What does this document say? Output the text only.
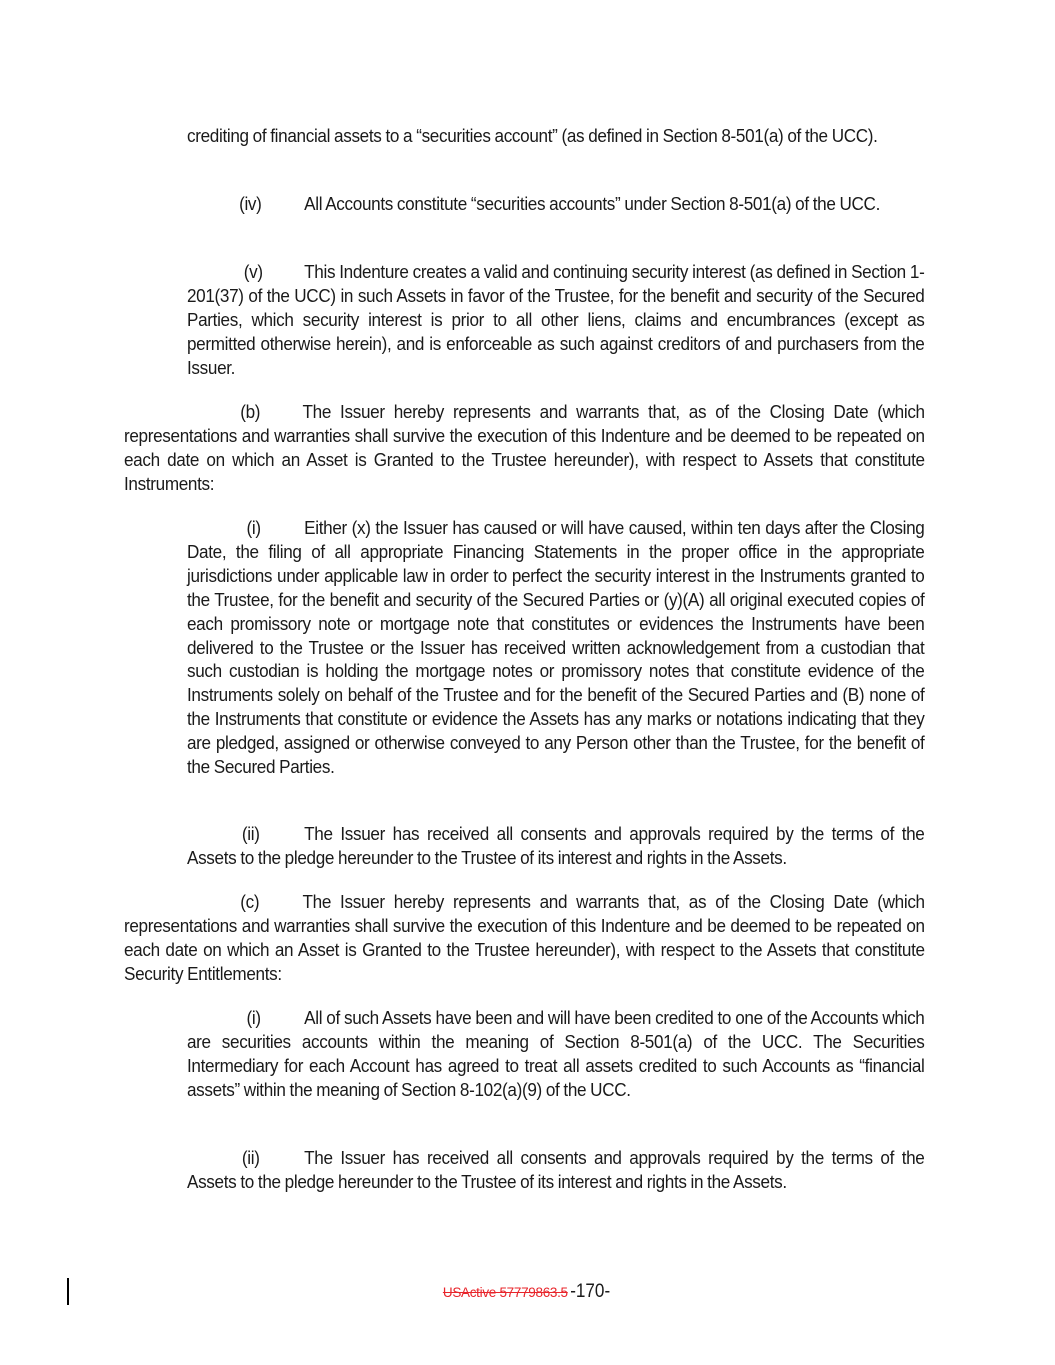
crediting of financial assets to a “securities account” (as defined in Section 8-501(a) of the UCC).
(iv) All Accounts constitute “securities accounts” under Section 8-501(a) of the UCC.
(v) This Indenture creates a valid and continuing security interest (as defined in Section 1-201(37) of the UCC) in such Assets in favor of the Trustee, for the benefit and security of the Secured Parties, which security interest is prior to all other liens, claims and encumbrances (except as permitted otherwise herein), and is enforceable as such against creditors of and purchasers from the Issuer.
(b) The Issuer hereby represents and warrants that, as of the Closing Date (which representations and warranties shall survive the execution of this Indenture and be deemed to be repeated on each date on which an Asset is Granted to the Trustee hereunder), with respect to Assets that constitute Instruments:
(i) Either (x) the Issuer has caused or will have caused, within ten days after the Closing Date, the filing of all appropriate Financing Statements in the proper office in the appropriate jurisdictions under applicable law in order to perfect the security interest in the Instruments granted to the Trustee, for the benefit and security of the Secured Parties or (y)(A) all original executed copies of each promissory note or mortgage note that constitutes or evidences the Instruments have been delivered to the Trustee or the Issuer has received written acknowledgement from a custodian that such custodian is holding the mortgage notes or promissory notes that constitute evidence of the Instruments solely on behalf of the Trustee and for the benefit of the Secured Parties and (B) none of the Instruments that constitute or evidence the Assets has any marks or notations indicating that they are pledged, assigned or otherwise conveyed to any Person other than the Trustee, for the benefit of the Secured Parties.
(ii) The Issuer has received all consents and approvals required by the terms of the Assets to the pledge hereunder to the Trustee of its interest and rights in the Assets.
(c) The Issuer hereby represents and warrants that, as of the Closing Date (which representations and warranties shall survive the execution of this Indenture and be deemed to be repeated on each date on which an Asset is Granted to the Trustee hereunder), with respect to the Assets that constitute Security Entitlements:
(i) All of such Assets have been and will have been credited to one of the Accounts which are securities accounts within the meaning of Section 8-501(a) of the UCC. The Securities Intermediary for each Account has agreed to treat all assets credited to such Accounts as “financial assets” within the meaning of Section 8-102(a)(9) of the UCC.
(ii) The Issuer has received all consents and approvals required by the terms of the Assets to the pledge hereunder to the Trustee of its interest and rights in the Assets.
USActive 57779863.5 -170-
